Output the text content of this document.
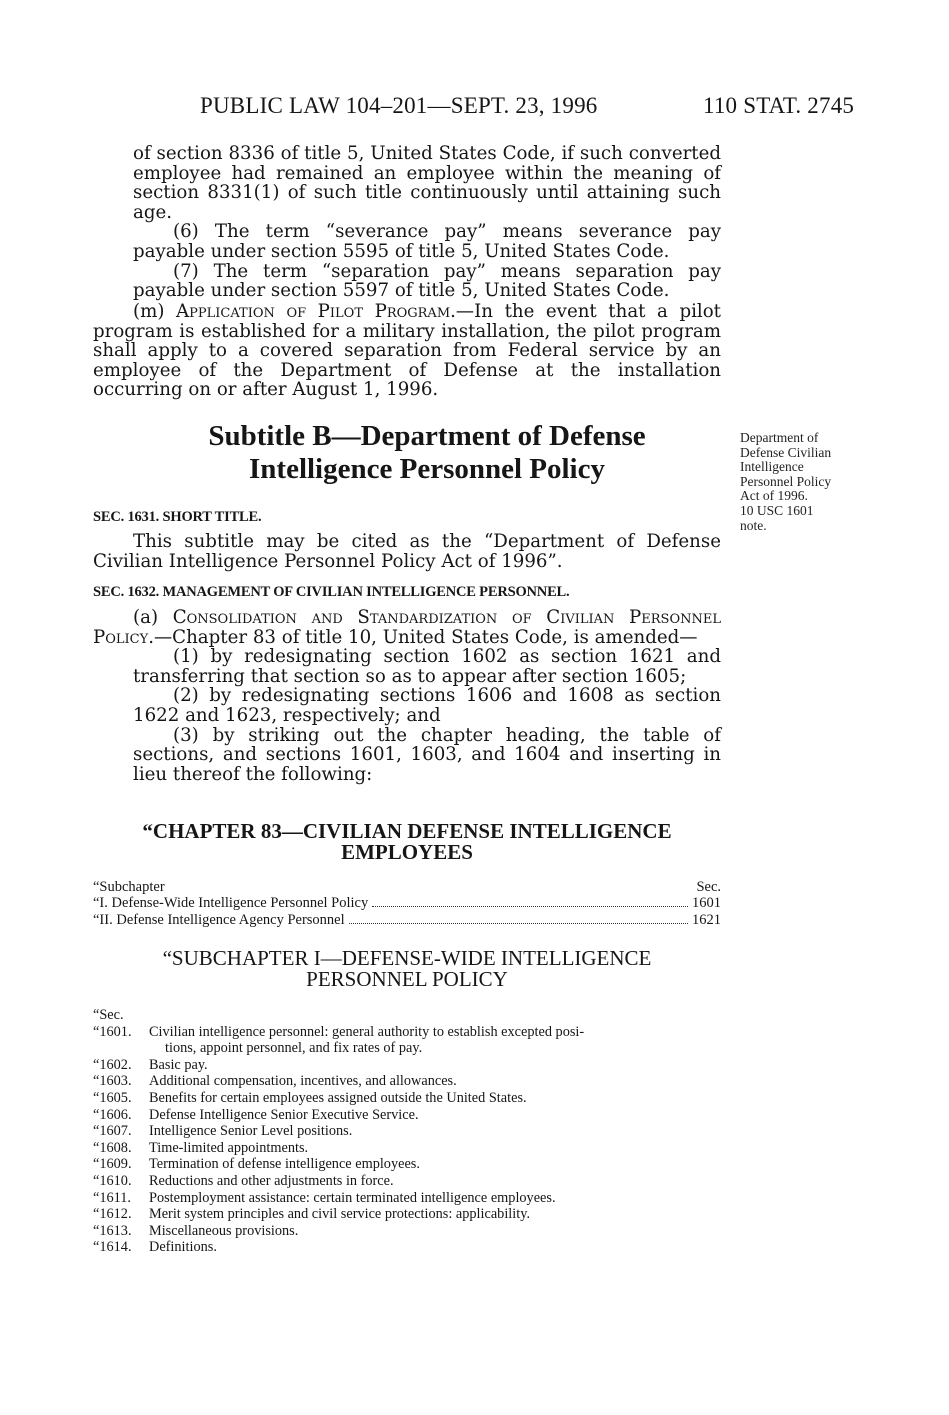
PUBLIC LAW 104–201—SEPT. 23, 1996	110 STAT. 2745

of section 8336 of title 5, United States Code, if such converted employee had remained an employee within the meaning of section 8331(1) of such title continuously until attaining such age.

(6) The term “severance pay” means severance pay payable under section 5595 of title 5, United States Code.

(7) The term “separation pay” means separation pay payable under section 5597 of title 5, United States Code.

(m) Application of Pilot Program.—In the event that a pilot program is established for a military installation, the pilot program shall apply to a covered separation from Federal service by an employee of the Department of Defense at the installation occurring on or after August 1, 1996.

Subtitle B—Department of Defense
Intelligence Personnel Policy
Department of
Defense Civilian
Intelligence
Personnel Policy
Act of 1996.
10 USC 1601
note.
SEC. 1631. SHORT TITLE.

This subtitle may be cited as the “Department of Defense Civilian Intelligence Personnel Policy Act of 1996”.

SEC. 1632. MANAGEMENT OF CIVILIAN INTELLIGENCE PERSONNEL.

(a) Consolidation and Standardization of Civilian Personnel Policy.—Chapter 83 of title 10, United States Code, is amended—

(1) by redesignating section 1602 as section 1621 and transferring that section so as to appear after section 1605;

(2) by redesignating sections 1606 and 1608 as section 1622 and 1623, respectively; and

(3) by striking out the chapter heading, the table of sections, and sections 1601, 1603, and 1604 and inserting in lieu thereof the following:

“CHAPTER 83—CIVILIAN DEFENSE INTELLIGENCE
EMPLOYEES
“Subchapter	Sec.
“I. Defense-Wide Intelligence Personnel Policy	1601
“II. Defense Intelligence Agency Personnel	1621
“SUBCHAPTER I—DEFENSE-WIDE INTELLIGENCE
PERSONNEL POLICY

“Sec.

“1601.	Civilian intelligence personnel: general authority to establish excepted posi-
tions, appoint personnel, and fix rates of pay.
“1602.	Basic pay.
“1603.	Additional compensation, incentives, and allowances.
“1605.	Benefits for certain employees assigned outside the United States.
“1606.	Defense Intelligence Senior Executive Service.
“1607.	Intelligence Senior Level positions.
“1608.	Time-limited appointments.
“1609.	Termination of defense intelligence employees.
“1610.	Reductions and other adjustments in force.
“1611.	Postemployment assistance: certain terminated intelligence employees.
“1612.	Merit system principles and civil service protections: applicability.
“1613.	Miscellaneous provisions.
“1614.	Definitions.
